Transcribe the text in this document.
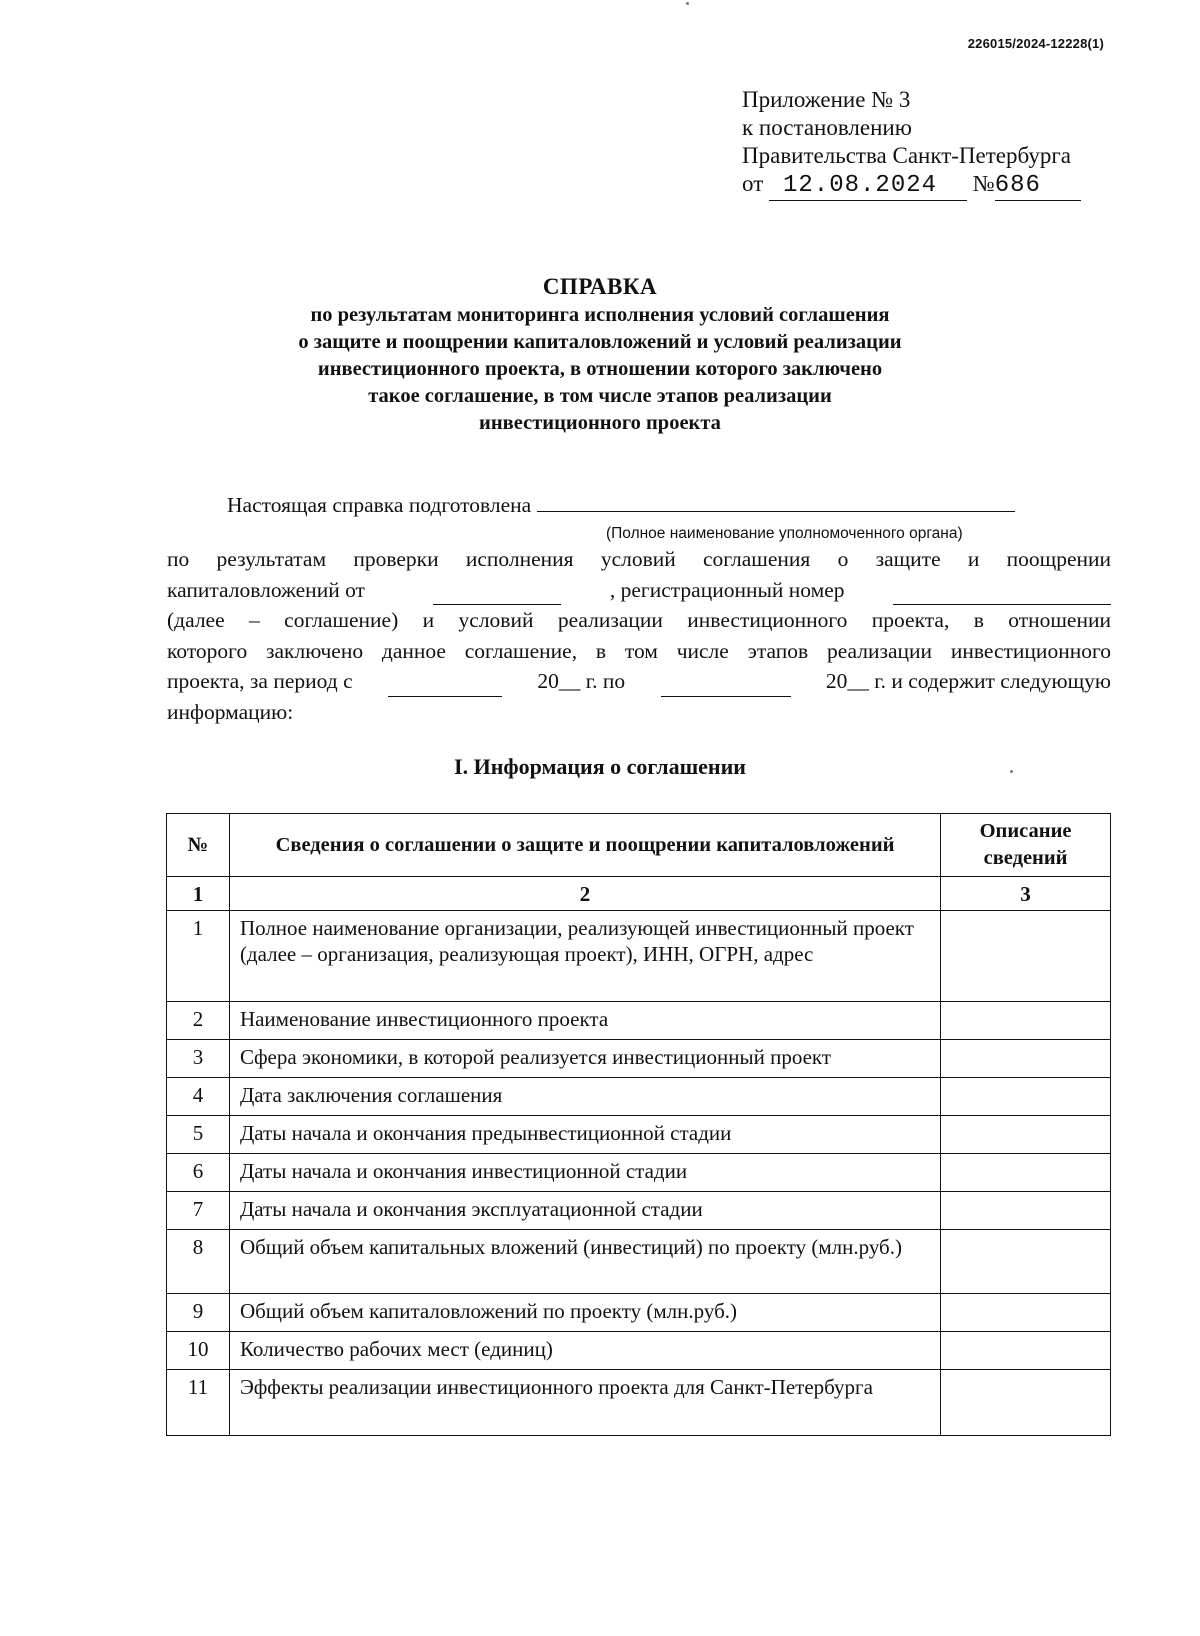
226015/2024-12228(1)
Приложение № 3
к постановлению
Правительства Санкт-Петербурга
от 12.08.2024 №686
СПРАВКА
по результатам мониторинга исполнения условий соглашения
о защите и поощрении капиталовложений и условий реализации
инвестиционного проекта, в отношении которого заключено
такое соглашение, в том числе этапов реализации
инвестиционного проекта
Настоящая справка подготовлена
(Полное наименование уполномоченного органа)
по результатам проверки исполнения условий соглашения о защите и поощрении
капиталовложений от	, регистрационный номер
(далее – соглашение) и условий реализации инвестиционного проекта, в отношении
которого заключено данное соглашение, в том числе этапов реализации инвестиционного
проекта, за период с	20__ г. по	20__ г. и содержит следующую
информацию:
I. Информация о соглашении
№	Сведения о соглашении о защите и поощрении капиталовложений	Описание сведений
1	2	3
1	Полное наименование организации, реализующей инвестиционный проект (далее – организация, реализующая проект), ИНН, ОГРН, адрес	
2	Наименование инвестиционного проекта	
3	Сфера экономики, в которой реализуется инвестиционный проект	
4	Дата заключения соглашения	
5	Даты начала и окончания предынвестиционной стадии	
6	Даты начала и окончания инвестиционной стадии	
7	Даты начала и окончания эксплуатационной стадии	
8	Общий объем капитальных вложений (инвестиций) по проекту (млн.руб.)	
9	Общий объем капиталовложений по проекту (млн.руб.)	
10	Количество рабочих мест (единиц)	
11	Эффекты реализации инвестиционного проекта для Санкт-Петербурга	
